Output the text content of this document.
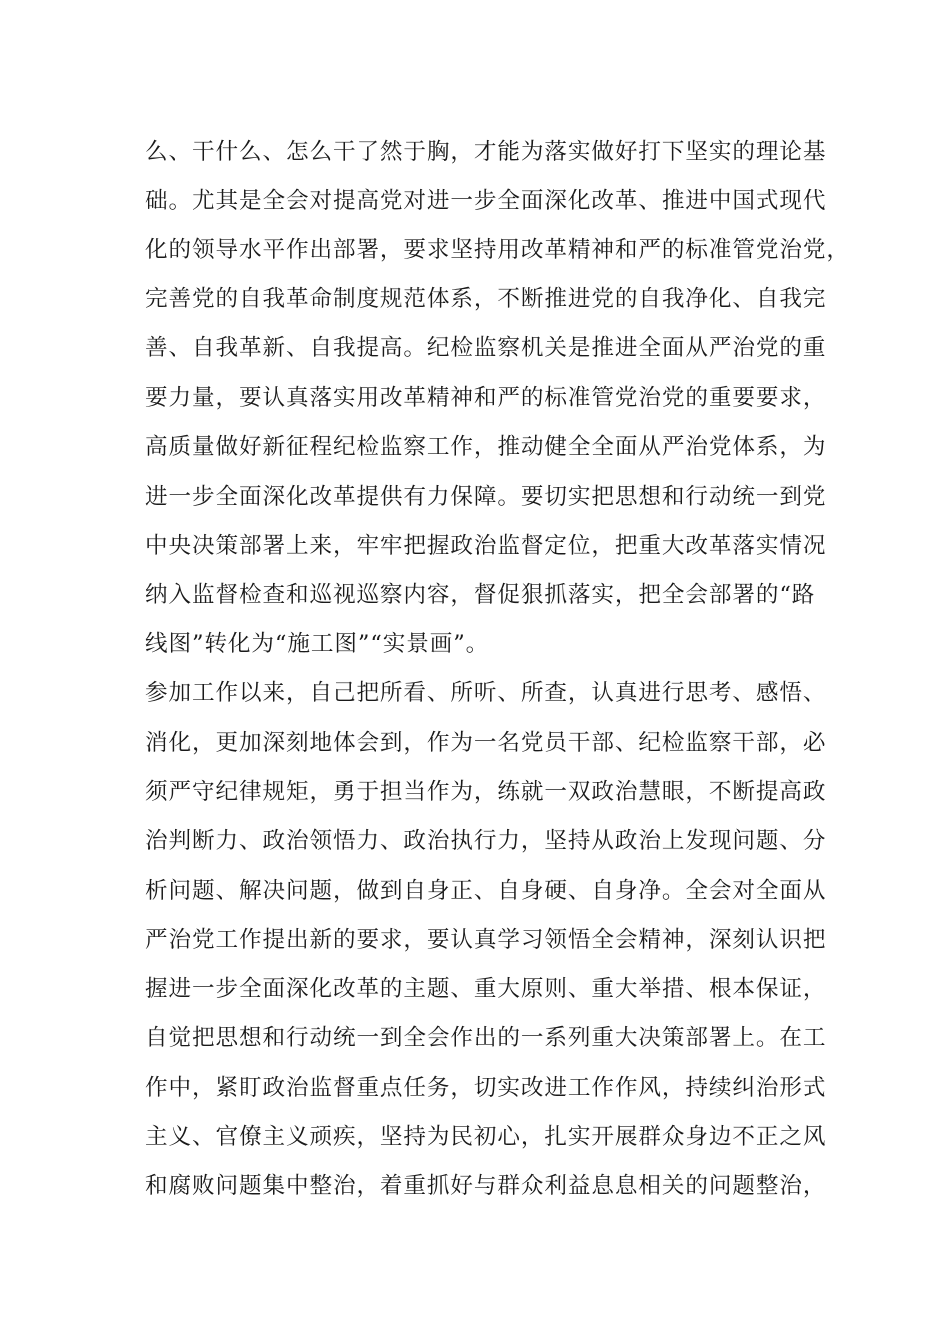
么、干什么、怎么干了然于胸，才能为落实做好打下坚实的理论基
础。尤其是全会对提高党对进一步全面深化改革、推进中国式现代
化的领导水平作出部署，要求坚持用改革精神和严的标准管党治党，
完善党的自我革命制度规范体系，不断推进党的自我净化、自我完
善、自我革新、自我提高。纪检监察机关是推进全面从严治党的重
要力量，要认真落实用改革精神和严的标准管党治党的重要要求，
高质量做好新征程纪检监察工作，推动健全全面从严治党体系，为
进一步全面深化改革提供有力保障。要切实把思想和行动统一到党
中央决策部署上来，牢牢把握政治监督定位，把重大改革落实情况
纳入监督检查和巡视巡察内容，督促狠抓落实，把全会部署的“路
线图”转化为“施工图”“实景画”。
参加工作以来，自己把所看、所听、所查，认真进行思考、感悟、
消化，更加深刻地体会到，作为一名党员干部、纪检监察干部，必
须严守纪律规矩，勇于担当作为，练就一双政治慧眼，不断提高政
治判断力、政治领悟力、政治执行力，坚持从政治上发现问题、分
析问题、解决问题，做到自身正、自身硬、自身净。全会对全面从
严治党工作提出新的要求，要认真学习领悟全会精神，深刻认识把
握进一步全面深化改革的主题、重大原则、重大举措、根本保证，
自觉把思想和行动统一到全会作出的一系列重大决策部署上。在工
作中，紧盯政治监督重点任务，切实改进工作作风，持续纠治形式
主义、官僚主义顽疾，坚持为民初心，扎实开展群众身边不正之风
和腐败问题集中整治，着重抓好与群众利益息息相关的问题整治，
